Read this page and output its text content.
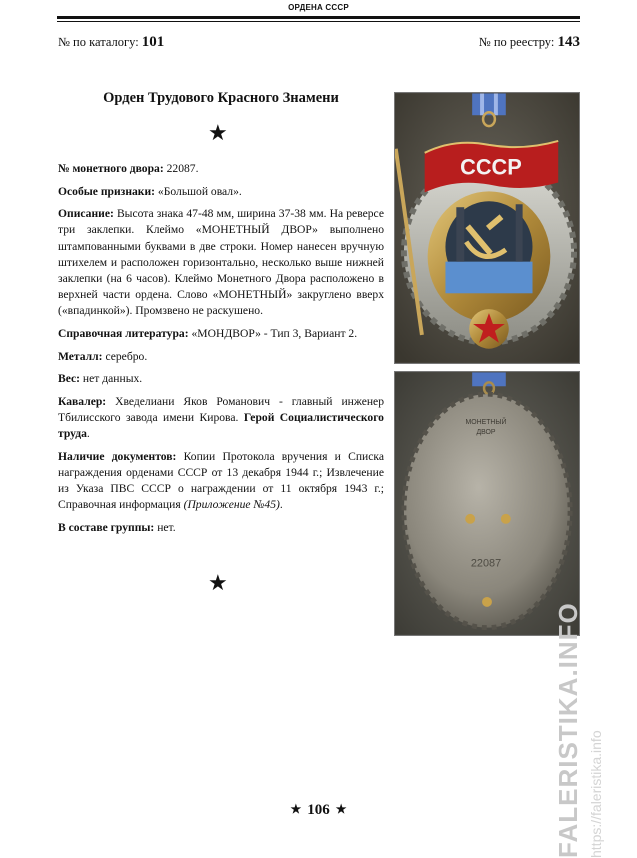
ОРДЕНА СССР
№ по каталогу: 101	№ по реестру: 143
Орден Трудового Красного Знамени
★

№ монетного двора: 22087.

Особые признаки: «Большой овал».

Описание: Высота знака 47-48 мм, ширина 37-38 мм. На реверсе три заклепки. Клеймо «МОНЕТНЫЙ ДВОР» выполнено штампованными буквами в две строки. Номер нанесен вручную штихелем и расположен горизонтально, несколько выше нижней заклепки (на 6 часов). Клеймо Монетного Двора расположено в верхней части ордена. Слово «МОНЕТНЫЙ» закруглено вверх («впадинкой»). Промзвено не раскушено.

Справочная литература: «МОНДВОР» - Тип 3, Вариант 2.

Металл: серебро.

Вес: нет данных.

Кавалер: Хведелиани Яков Романович - главный инженер Тбилисского завода имени Кирова. Герой Социалистического труда.

Наличие документов: Копии Протокола вручения и Списка награждения орденами СССР от 13 декабря 1944 г.; Извлечение из Указа ПВС СССР о награждении от 11 октября 1943 г.; Справочная информация (Приложение №45).

В составе группы: нет.

★
СССР
МОНЕТНЫЙ
ДВОР
22087
★ 106 ★	FALERISTIKA.INFO https://faleristika.info
